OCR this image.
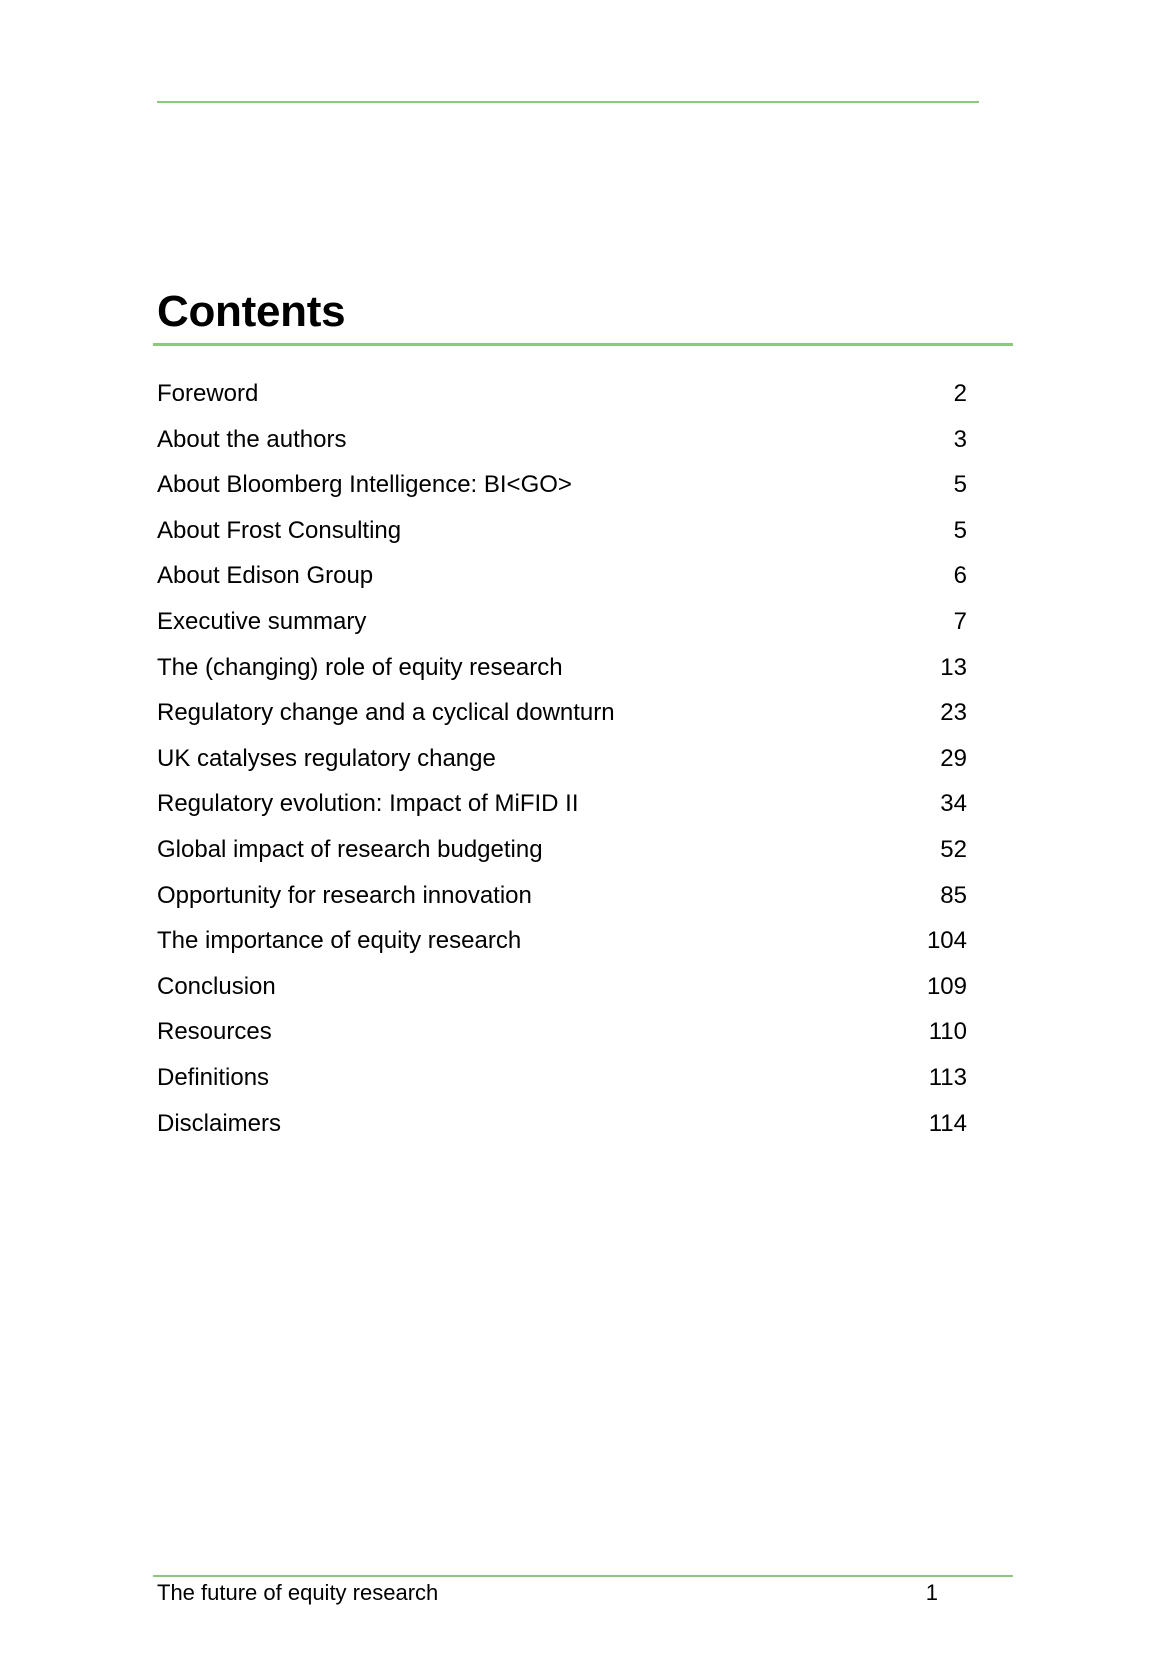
Contents
Foreword	2
About the authors	3
About Bloomberg Intelligence: BI<GO>	5
About Frost Consulting	5
About Edison Group	6
Executive summary	7
The (changing) role of equity research	13
Regulatory change and a cyclical downturn	23
UK catalyses regulatory change	29
Regulatory evolution: Impact of MiFID II	34
Global impact of research budgeting	52
Opportunity for research innovation	85
The importance of equity research	104
Conclusion	109
Resources	110
Definitions	113
Disclaimers	114
The future of equity research	1
